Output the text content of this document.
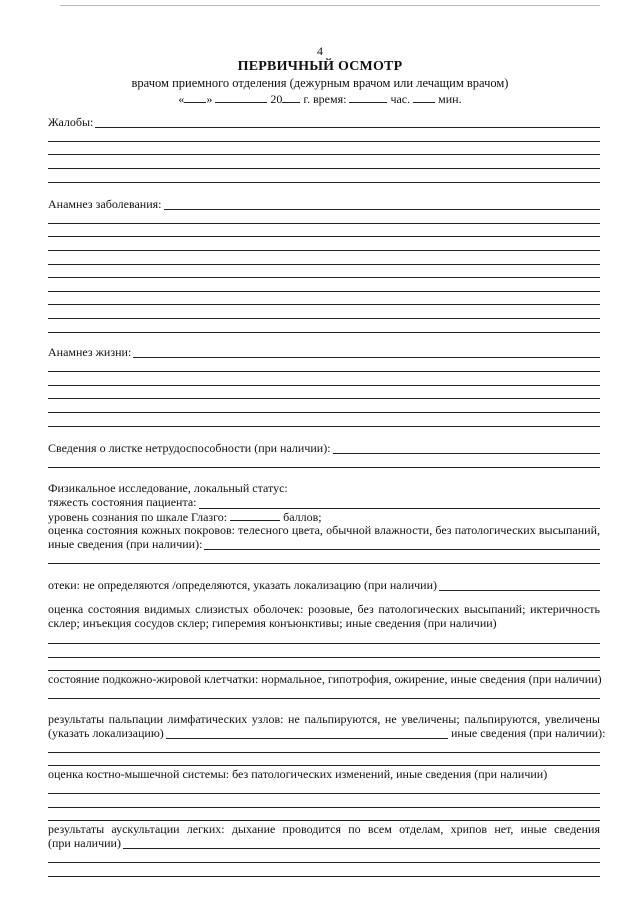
4
ПЕРВИЧНЫЙ ОСМОТР
врачом приемного отделения (дежурным врачом или лечащим врачом)
« »	20 г. время:	час. мин.
Жалобы:
Анамнез заболевания:
Анамнез жизни:
Сведения о листке нетрудоспособности (при наличии):
Физикальное исследование, локальный статус:
тяжесть состояния пациента:
уровень сознания по шкале Глазго:	баллов;
оценка состояния кожных покровов: телесного цвета, обычной влажности, без патологических высыпаний,
иные сведения (при наличии):
отеки: не определяются /определяются, указать локализацию (при наличии)
оценка состояния видимых слизистых оболочек: розовые, без патологических высыпаний; иктеричность
склер; инъекция сосудов склер; гиперемия конъюнктивы; иные сведения (при наличии)
состояние подкожно-жировой клетчатки: нормальное, гипотрофия, ожирение, иные сведения (при наличии)
результаты пальпации лимфатических узлов: не пальпируются, не увеличены; пальпируются, увеличены
(указать локализацию)	иные сведения (при наличии):
оценка костно-мышечной системы: без патологических изменений, иные сведения (при наличии)
результаты аускультации легких: дыхание проводится по всем отделам, хрипов нет, иные сведения
(при наличии)
